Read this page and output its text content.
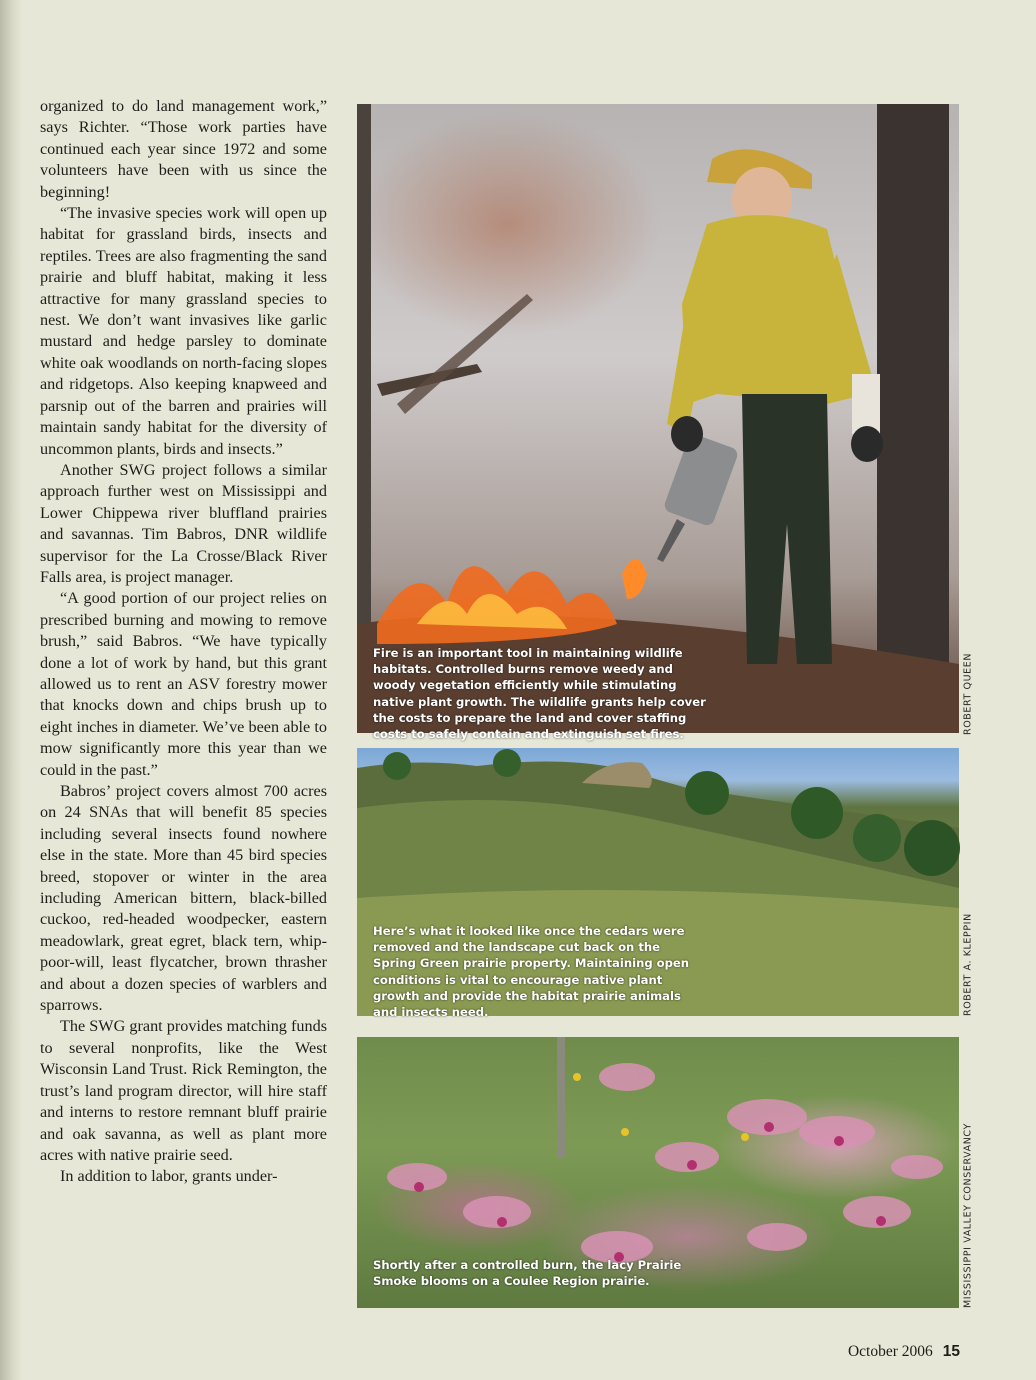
organized to do land management work,” says Richter. “Those work parties have continued each year since 1972 and some volunteers have been with us since the beginning!

“The invasive species work will open up habitat for grassland birds, insects and reptiles. Trees are also fragmenting the sand prairie and bluff habitat, making it less attractive for many grassland species to nest. We don’t want invasives like garlic mustard and hedge parsley to dominate white oak woodlands on north-facing slopes and ridgetops. Also keeping knapweed and parsnip out of the barren and prairies will maintain sandy habitat for the diversity of uncommon plants, birds and insects.”

Another SWG project follows a similar approach further west on Mississippi and Lower Chippewa river bluffland prairies and savannas. Tim Babros, DNR wildlife supervisor for the La Crosse/Black River Falls area, is project manager.

“A good portion of our project relies on prescribed burning and mowing to remove brush,” said Babros. “We have typically done a lot of work by hand, but this grant allowed us to rent an ASV forestry mower that knocks down and chips brush up to eight inches in diameter. We’ve been able to mow significantly more this year than we could in the past.”

Babros’ project covers almost 700 acres on 24 SNAs that will benefit 85 species including several insects found nowhere else in the state. More than 45 bird species breed, stopover or winter in the area including American bittern, black-billed cuckoo, red-headed woodpecker, eastern meadowlark, great egret, black tern, whip-poor-will, least flycatcher, brown thrasher and about a dozen species of warblers and sparrows.

The SWG grant provides matching funds to several nonprofits, like the West Wisconsin Land Trust. Rick Remington, the trust’s land program director, will hire staff and interns to restore remnant bluff prairie and oak savanna, as well as plant more acres with native prairie seed.

In addition to labor, grants under-

Fire is an important tool in maintaining wildlife habitats. Controlled burns remove weedy and woody vegetation efficiently while stimulating native plant growth. The wildlife grants help cover the costs to prepare the land and cover staffing costs to safely contain and extinguish set fires.	ROBERT QUEEN
Here’s what it looked like once the cedars were removed and the landscape cut back on the Spring Green prairie property. Maintaining open conditions is vital to encourage native plant growth and provide the habitat prairie animals and insects need.	ROBERT A. KLEPPIN
Shortly after a controlled burn, the lacy Prairie Smoke blooms on a Coulee Region prairie.	MISSISSIPPI VALLEY CONSERVANCY
October 2006 15
